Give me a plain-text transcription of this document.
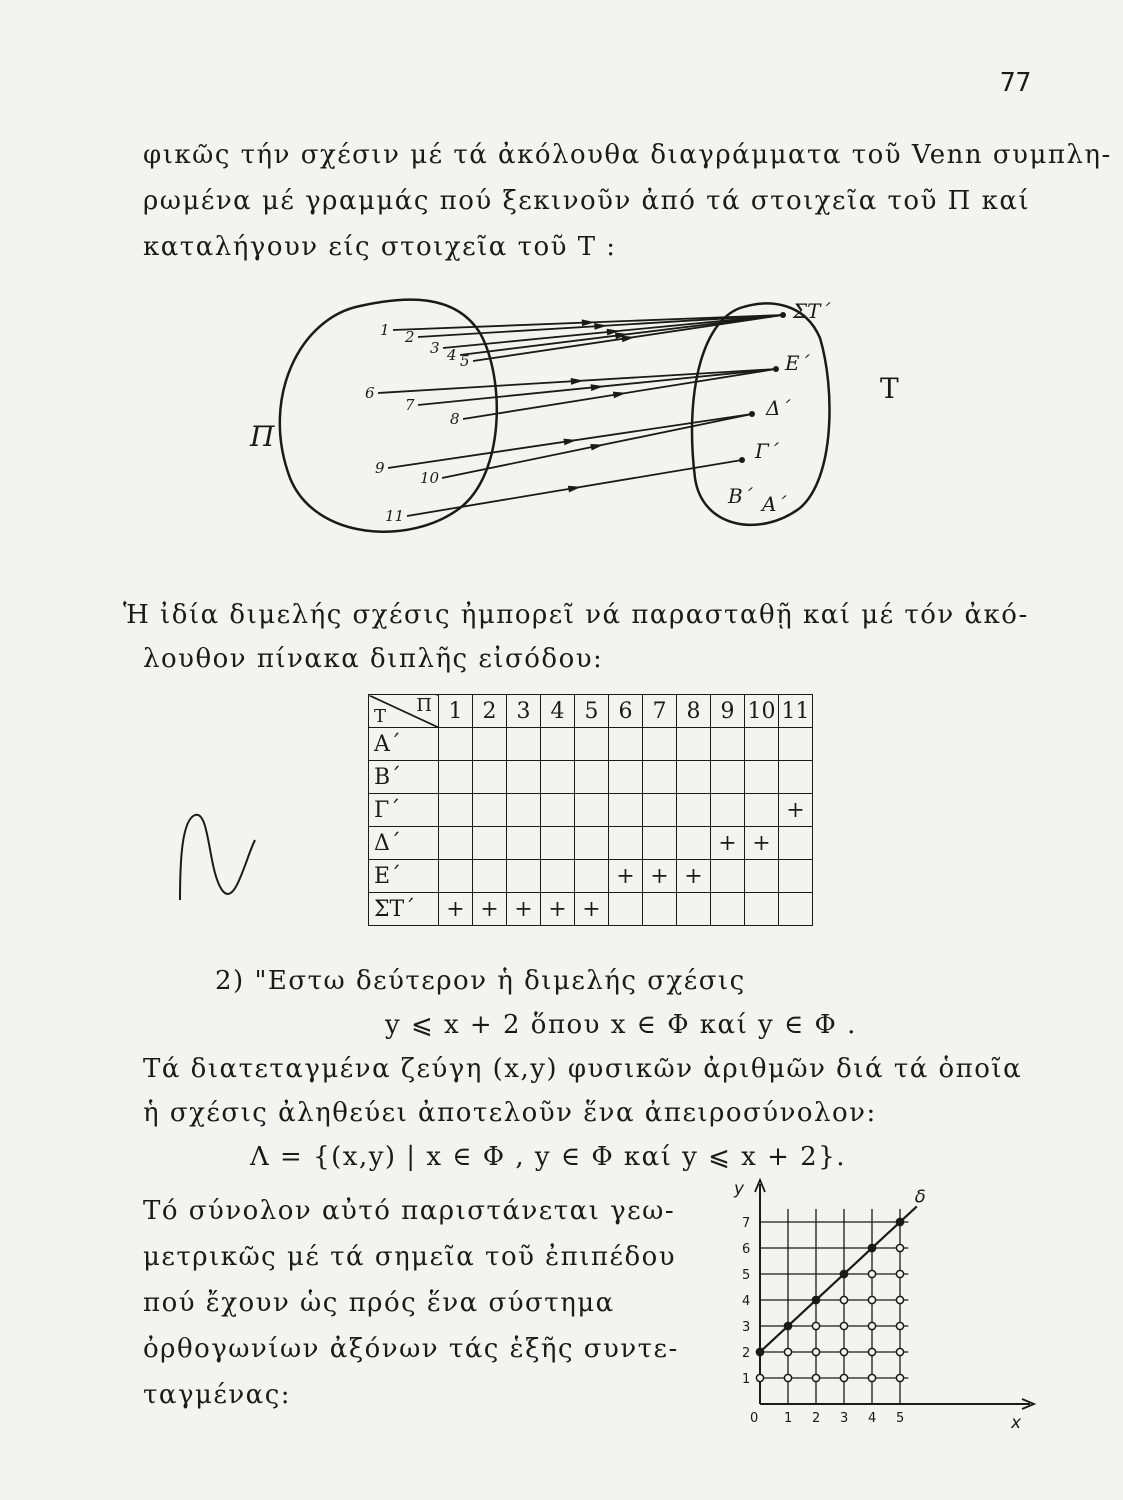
77
φικῶς τήν σχέσιν μέ τά ἀκόλουθα διαγράμματα τοῦ Venn συμπλη-
ρωμένα μέ γραμμάς πού ξεκινοῦν ἀπό τά στοιχεῖα τοῦ Π καί
καταλήγουν είς στοιχεῖα τοῦ Τ :
Π
Τ
1 2
3 4 5
6
7
8
9
10
11
ΣΤ΄
Ε΄
Δ΄
Γ΄
Β΄ Α΄
Ἡ ἰδία διμελής σχέσις ἠμπορεῖ νά παρασταθῇ καί μέ τόν ἀκό-
λουθον πίνακα διπλῆς εἰσόδου:
Π
Τ	1	2	3	4	5	6	7	8	9	10	11
Α΄											
Β΄											
Γ΄											+
Δ΄									+	+	
Ε΄						+	+	+			
ΣΤ΄	+	+	+	+	+						
2) "Εστω δεύτερον ἡ διμελής σχέσις
y ⩽ x + 2 ὅπου x ∈ Φ καί y ∈ Φ .
Τά διατεταγμένα ζεύγη (x,y) φυσικῶν ἀριθμῶν διά τά ὁποῖα
ἡ σχέσις ἀληθεύει ἀποτελοῦν ἕνα ἀπειροσύνολον:
Λ = {(x,y) | x ∈ Φ , y ∈ Φ καί y ⩽ x + 2}.
Τό σύνολον αὐτό παριστάνεται γεω-
μετρικῶς μέ τά σημεῖα τοῦ ἐπιπέδου
πού ἔχουν ὡς πρός ἕνα σύστημα
ὀρθογωνίων ἀξόνων τάς ἑξῆς συντε-
ταγμένας:
δ
0 1 2 3 4 5
1
2
3
4
5
6
7
x
y
